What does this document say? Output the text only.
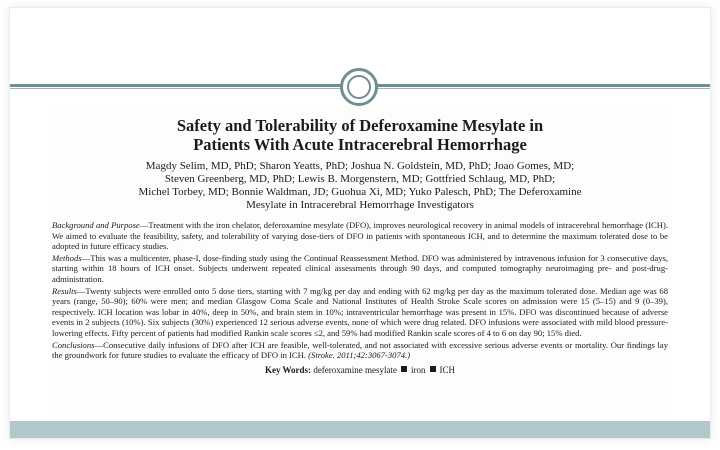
Safety and Tolerability of Deferoxamine Mesylate in
Patients With Acute Intracerebral Hemorrhage
Magdy Selim, MD, PhD; Sharon Yeatts, PhD; Joshua N. Goldstein, MD, PhD; Joao Gomes, MD;
Steven Greenberg, MD, PhD; Lewis B. Morgenstern, MD; Gottfried Schlaug, MD, PhD;
Michel Torbey, MD; Bonnie Waldman, JD; Guohua Xi, MD; Yuko Palesch, PhD; The Deferoxamine
Mesylate in Intracerebral Hemorrhage Investigators

Background and Purpose—Treatment with the iron chelator, deferoxamine mesylate (DFO), improves neurological recovery in animal models of intracerebral hemorrhage (ICH). We aimed to evaluate the feasibility, safety, and tolerability of varying dose-tiers of DFO in patients with spontaneous ICH, and to determine the maximum tolerated dose to be adopted in future efficacy studies.

Methods—This was a multicenter, phase-I, dose-finding study using the Continual Reassessment Method. DFO was administered by intravenous infusion for 3 consecutive days, starting within 18 hours of ICH onset. Subjects underwent repeated clinical assessments through 90 days, and computed tomography neuroimaging pre- and post-drug-administration.

Results—Twenty subjects were enrolled onto 5 dose tiers, starting with 7 mg/kg per day and ending with 62 mg/kg per day as the maximum tolerated dose. Median age was 68 years (range, 50–90); 60% were men; and median Glasgow Coma Scale and National Institutes of Health Stroke Scale scores on admission were 15 (5–15) and 9 (0–39), respectively. ICH location was lobar in 40%, deep in 50%, and brain stem in 10%; intraventricular hemorrhage was present in 15%. DFO was discontinued because of adverse events in 2 subjects (10%). Six subjects (30%) experienced 12 serious adverse events, none of which were drug related. DFO infusions were associated with mild blood pressure-lowering effects. Fifty percent of patients had modified Rankin scale scores ≤2, and 59% had modified Rankin scale scores of 4 to 6 on day 90; 15% died.

Conclusions—Consecutive daily infusions of DFO after ICH are feasible, well-tolerated, and not associated with excessive serious adverse events or mortality. Our findings lay the groundwork for future studies to evaluate the efficacy of DFO in ICH. (Stroke. 2011;42:3067-3074.)

Key Words: deferoxamine mesylate iron ICH
